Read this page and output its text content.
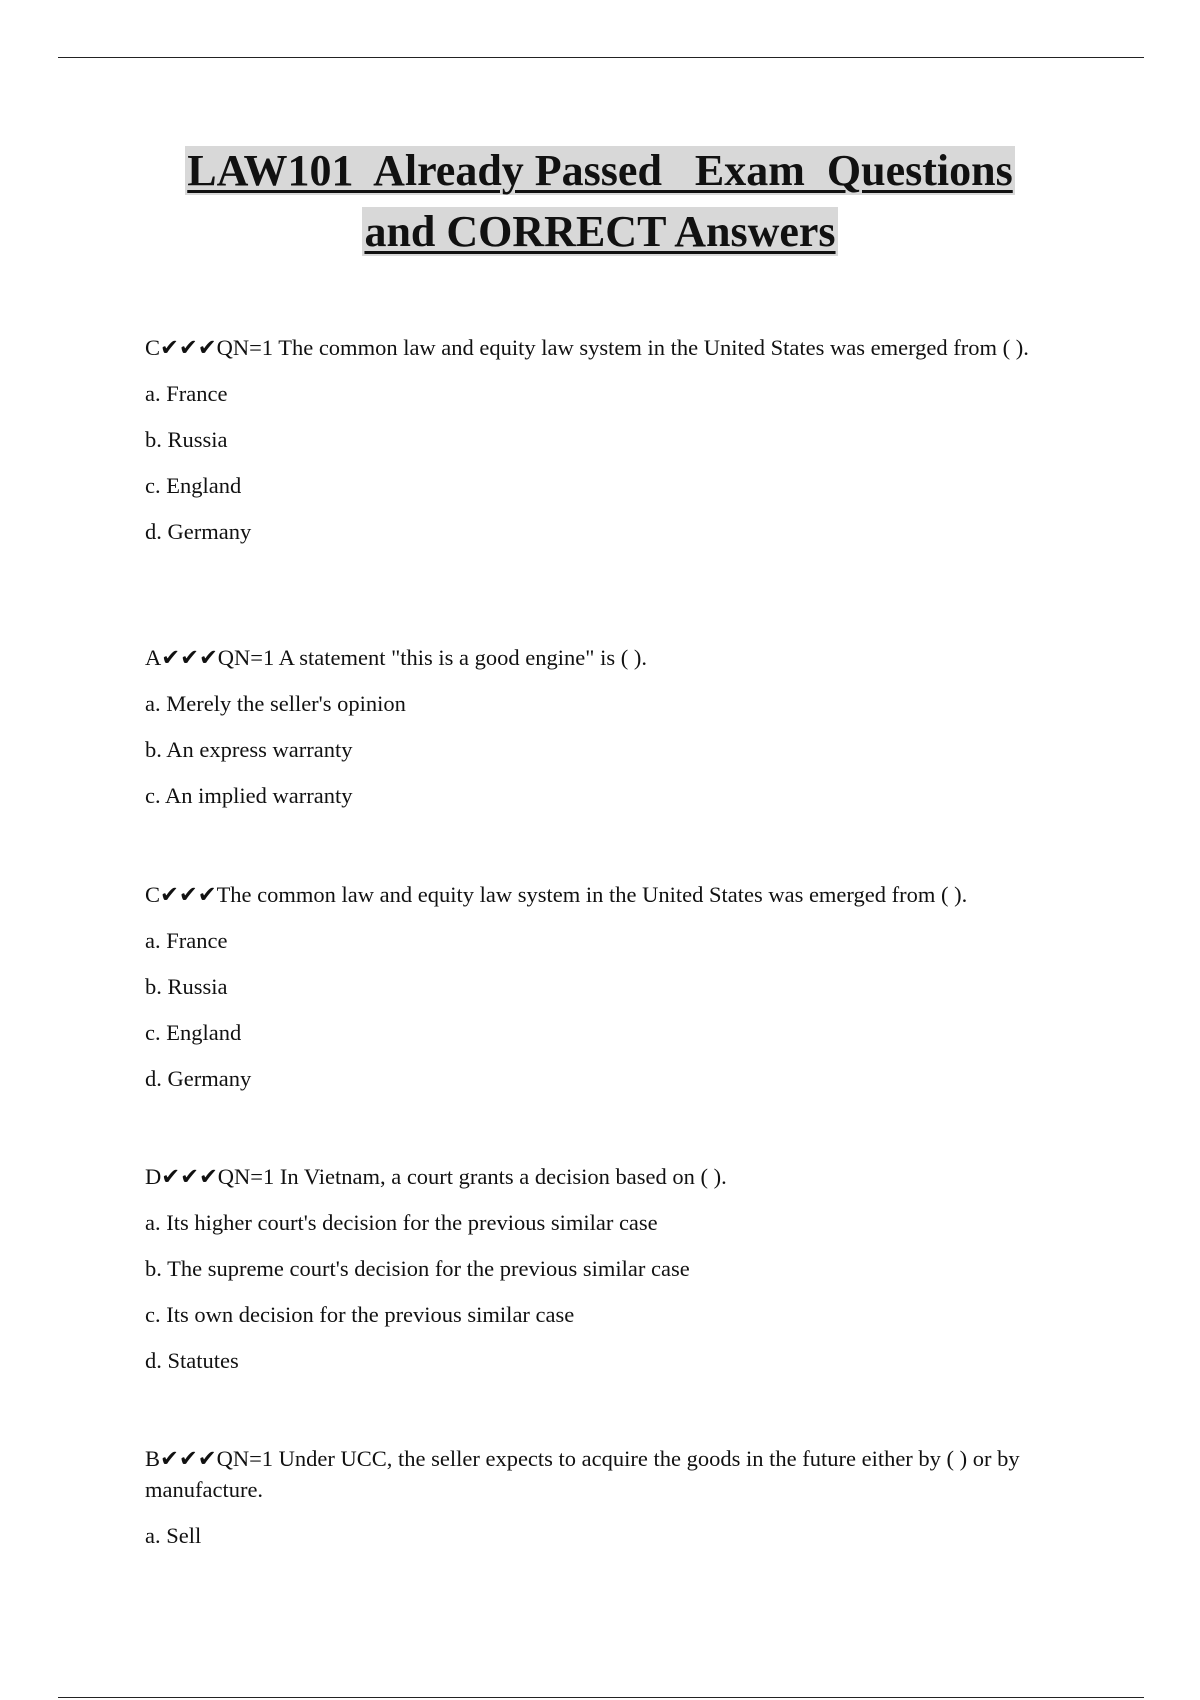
LAW101  Already Passed   Exam  Questions
and CORRECT Answers

C✔✔✔QN=1 The common law and equity law system in the United States was emerged from ( ).

a. France

b. Russia

c. England

d. Germany

A✔✔✔QN=1 A statement "this is a good engine" is ( ).

a. Merely the seller's opinion

b. An express warranty

c. An implied warranty

C✔✔✔The common law and equity law system in the United States was emerged from ( ).

a. France

b. Russia

c. England

d. Germany

D✔✔✔QN=1 In Vietnam, a court grants a decision based on ( ).

a. Its higher court's decision for the previous similar case

b. The supreme court's decision for the previous similar case

c. Its own decision for the previous similar case

d. Statutes

B✔✔✔QN=1 Under UCC, the seller expects to acquire the goods in the future either by ( ) or by manufacture.

a. Sell
